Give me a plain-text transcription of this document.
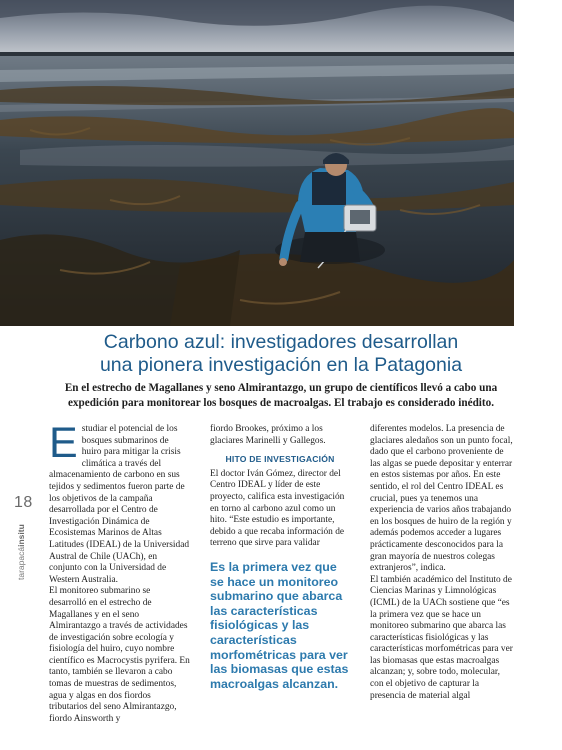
Carbono azul: investigadores desarrollan
una pionera investigación en la Patagonia

En el estrecho de Magallanes y seno Almirantazgo, un grupo de científicos llevó a cabo una
expedición para monitorear los bosques de macroalgas. El trabajo es considerado inédito.

18
tarapacáinsitu
E studiar el potencial de los bosques submarinos de huiro para mitigar la crisis climática a través del almacenamiento de carbono en sus tejidos y sedimentos fueron parte de los objetivos de la campaña desarrollada por el Centro de Investigación Dinámica de Ecosistemas Marinos de Altas Latitudes (IDEAL) de la Universidad Austral de Chile (UACh), en conjunto con la Universidad de Western Australia.

El monitoreo submarino se desarrolló en el estrecho de Magallanes y en el seno Almirantazgo a través de actividades de investigación sobre ecología y fisiología del huiro, cuyo nombre científico es Macrocystis pyrifera. En tanto, también se llevaron a cabo tomas de muestras de sedimentos, agua y algas en dos fiordos tributarios del seno Almirantazgo, fiordo Ainsworth y

fiordo Brookes, próximo a los glaciares Marinelli y Gallegos.

HITO DE INVESTIGACIÓN

El doctor Iván Gómez, director del Centro IDEAL y líder de este proyecto, califica esta investigación en torno al carbono azul como un hito. “Este estudio es importante, debido a que recaba información de terreno que sirve para validar

Es la primera vez que se hace un monitoreo submarino que abarca las características fisiológicas y las características morfométricas para ver las biomasas que estas macroalgas alcanzan.

diferentes modelos. La presencia de glaciares aledaños son un punto focal, dado que el carbono proveniente de las algas se puede depositar y enterrar en estos sistemas por años. En este sentido, el rol del Centro IDEAL es crucial, pues ya tenemos una experiencia de varios años trabajando en los bosques de huiro de la región y además podemos acceder a lugares prácticamente desconocidos para la gran mayoría de nuestros colegas extranjeros”, indica.

El también académico del Instituto de Ciencias Marinas y Limnológicas (ICML) de la UACh sostiene que “es la primera vez que se hace un monitoreo submarino que abarca las características fisiológicas y las características morfométricas para ver las biomasas que estas macroalgas alcanzan; y, sobre todo, molecular, con el objetivo de capturar la presencia de material algal
